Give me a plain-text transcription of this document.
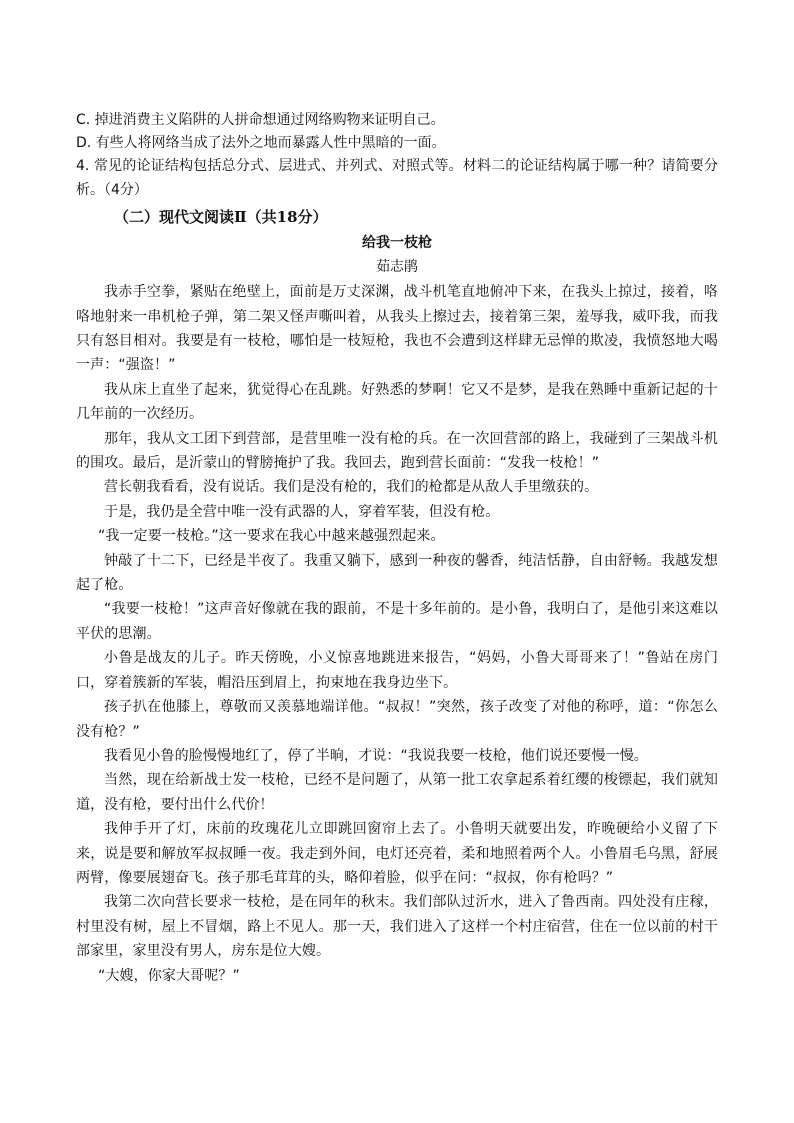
C. 掉进消费主义陷阱的人拼命想通过网络购物来证明自己。

D. 有些人将网络当成了法外之地而暴露人性中黑暗的一面。

4. 常见的论证结构包括总分式、层进式、并列式、对照式等。材料二的论证结构属于哪一种？请简要分析。（4分）

（二）现代文阅读Ⅱ（共18分）

给我一枝枪

茹志鹃

我赤手空拳，紧贴在绝壁上，面前是万丈深渊，战斗机笔直地俯冲下来，在我头上掠过，接着，咯咯地射来一串机枪子弹，第二架又怪声嘶叫着，从我头上擦过去，接着第三架，羞辱我，威吓我，而我只有怒目相对。我要是有一枝枪，哪怕是一枝短枪，我也不会遭到这样肆无忌惮的欺凌，我愤怒地大喝一声：“强盗！”

我从床上直坐了起来，犹觉得心在乱跳。好熟悉的梦啊！它又不是梦，是我在熟睡中重新记起的十几年前的一次经历。

那年，我从文工团下到营部，是营里唯一没有枪的兵。在一次回营部的路上，我碰到了三架战斗机的围攻。最后，是沂蒙山的臂膀掩护了我。我回去，跑到营长面前：“发我一枝枪！”

营长朝我看看，没有说话。我们是没有枪的，我们的枪都是从敌人手里缴获的。

于是，我仍是全营中唯一没有武器的人，穿着军装，但没有枪。

“我一定要一枝枪。”这一要求在我心中越来越强烈起来。

钟敲了十二下，已经是半夜了。我重又躺下，感到一种夜的馨香，纯洁恬静，自由舒畅。我越发想起了枪。

“我要一枝枪！”这声音好像就在我的跟前，不是十多年前的。是小鲁，我明白了，是他引来这难以平伏的思潮。

小鲁是战友的儿子。昨天傍晚，小义惊喜地跳进来报告，“妈妈，小鲁大哥哥来了！”鲁站在房门口，穿着簇新的军装，帽沿压到眉上，拘束地在我身边坐下。

孩子扒在他膝上，尊敬而又羡慕地端详他。“叔叔！”突然，孩子改变了对他的称呼，道：“你怎么没有枪？”

我看见小鲁的脸慢慢地红了，停了半晌，才说：“我说我要一枝枪，他们说还要慢一慢。

当然，现在给新战士发一枝枪，已经不是问题了，从第一批工农拿起系着红缨的梭镖起，我们就知道，没有枪，要付出什么代价！

我伸手开了灯，床前的玫瑰花儿立即跳回窗帘上去了。小鲁明天就要出发，昨晚硬给小义留了下来，说是要和解放军叔叔睡一夜。我走到外间，电灯还亮着，柔和地照着两个人。小鲁眉毛乌黑，舒展两臂，像要展翅奋飞。孩子那毛茸茸的头，略仰着脸，似乎在问：“叔叔，你有枪吗？”

我第二次向营长要求一枝枪，是在同年的秋末。我们部队过沂水，进入了鲁西南。四处没有庄稼，村里没有树，屋上不冒烟，路上不见人。那一天，我们进入了这样一个村庄宿营，住在一位以前的村干部家里，家里没有男人，房东是位大嫂。

“大嫂，你家大哥呢？”
